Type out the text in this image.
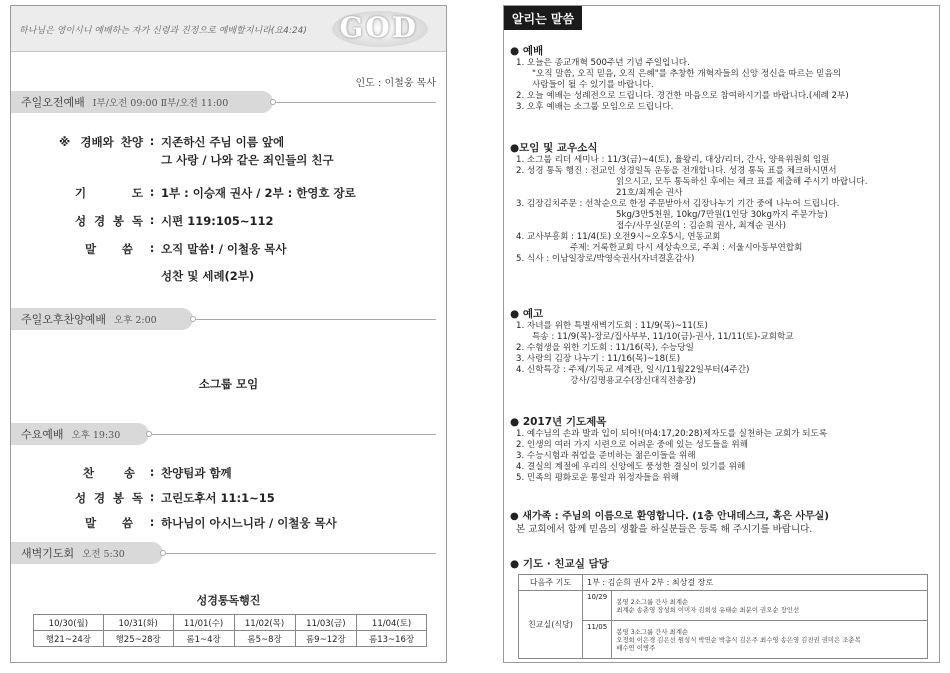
하나님은 영이시니 예배하는 자가 신령과 진정으로 예배할지니라(요4:24) GOD
인도 : 이철웅 목사
주일오전예배 Ⅰ부/오전 09:00 Ⅱ부/오전 11:00
※ 경배와 찬양 : 지존하신 주님 이름 앞에
그 사랑 / 나와 같은 죄인들의 친구
기 도 : 1부 : 이승재 권사 / 2부 : 한영호 장로
성 경 봉 독 : 시편 119:105~112
말 씀	: 오직 말씀! / 이철웅 목사
성찬 및 세례(2부)
주일오후찬양예배 오후 2:00
소그룹 모임
수요예배 오후 19:30
찬 송	: 찬양팀과 함께
성 경 봉 독 : 고린도후서 11:1~15
말 씀	: 하나님이 아시느니라 / 이철웅 목사
새벽기도회 오전 5:30
성경통독행진
10/30(월)	10/31(화)	11/01(수)	11/02(목)	11/03(금)	11/04(토)
행21~24장	행25~28장	롬1~4장	롬5~8장	롬9~12장	롬13~16장
알리는 말씀
● 예배
1. 오늘은 종교개혁 500주년 기념 주일입니다.
"오직 말씀, 오직 믿음, 오직 은혜"를 추창한 개혁자들의 신앙 정신을 따르는 믿음의
사람들이 될 수 있기를 바랍니다.
2. 오늘 예배는 성례전으로 드립니다. 경건한 마음으로 참여하시기를 바랍니다.(세례 2부)
3. 오후 예배는 소그룹 모임으로 드립니다.
●모임 및 교우소식
1. 소그룹 리더 세미나 : 11/3(금)~4(토), 율왕리, 대상/리더, 간사, 양육위원회 임원
2. 성경 통독 행진 : 전교인 성경일독 운동을 전개합니다. 성경 통독 표를 체크하시면서
읽으시고, 모두 통독하신 후에는 체크 표를 제출해 주시기 바랍니다.
21호/최계순 권사
3. 김장김치주문 : 선착순으로 한정 주문받아서 김장나누기 기간 중에 나누어 드립니다.
5kg/3만5천원, 10kg/7만원(1인당 30kg까지 주문가능)
접수/사무실(문의 : 김순희 권사, 최계순 권사)
4. 교사부흥회 : 11/4(토) 오전9시~오후5시, 연동교회
주제: 거룩한교회 다시 세상속으로, 주최 : 서울시아동부연합회
5. 식사 : 이남일장로/박영숙권사(자녀결혼감사)
● 예고
1. 자녀를 위한 특별새벽기도회 : 11/9(목)~11(토)
특송 : 11/9(목)-장로/집사부부, 11/10(금)-권사, 11/11(토)-교회학교
2. 수험생을 위한 기도회 : 11/16(목), 수능당일
3. 사랑의 김장 나누기 : 11/16(목)~18(토)
4. 신학특강 : 주제/기독교 세계관, 일시/11월22일부터(4주간)
강사/김명용교수(장신대직전총장)
● 2017년 기도제목
1. 예수님의 손과 발과 입이 되어!(마4:17,20:28)제자도를 실천하는 교회가 되도록
2. 인생의 여러 가지 시련으로 어려운 중에 있는 성도들을 위해
3. 수능시험과 취업을 준비하는 젊은이들을 위해
4. 결실의 계절에 우리의 신앙에도 풍성한 결실이 있기를 위해
5. 민족의 평화로운 통일과 위정자들을 위해
● 새가족 : 주님의 이름으로 환영합니다. (1층 안내데스크, 혹은 사무실)
본 교회에서 함께 믿음의 생활을 하실분들은 등록 해 주시기를 바랍니다.
● 기도 · 친교실 담당
다음주 기도	1부 : 김순희 권사 2부 : 최상걸 장로	
친교실(식당)	10/29	봉영 2소그룹 간사 최계순
최계순 송춘영 장성희 이미자 김희성 유태순 최분이 권오순 장인선

	11/05	봉영 3소그룹 간사 최계순
오정희 이은경 김은선 원성식 박연순 박총식 김은주 최수영 송은영 김진권 권미은 조춘복
배수연 이병주
